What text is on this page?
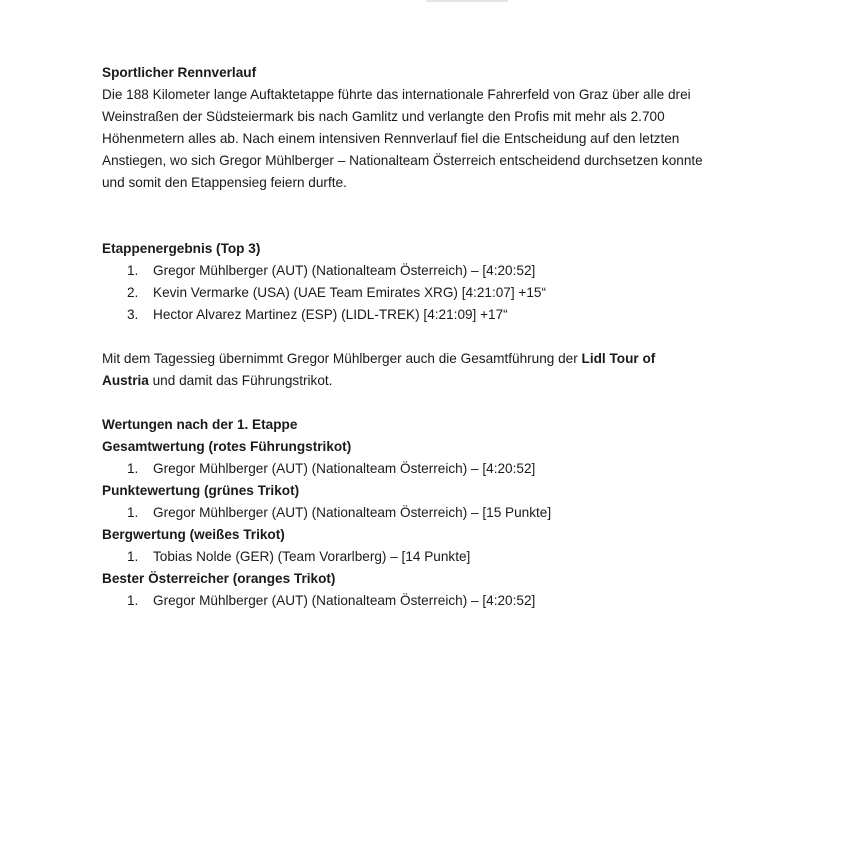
Sportlicher Rennverlauf

Die 188 Kilometer lange Auftaktetappe führte das internationale Fahrerfeld von Graz über alle drei
Weinstraßen der Südsteiermark bis nach Gamlitz und verlangte den Profis mit mehr als 2.700
Höhenmetern alles ab. Nach einem intensiven Rennverlauf fiel die Entscheidung auf den letzten
Anstiegen, wo sich Gregor Mühlberger – Nationalteam Österreich entscheidend durchsetzen konnte
und somit den Etappensieg feiern durfte.

Etappenergebnis (Top 3)

1. Gregor Mühlberger (AUT) (Nationalteam Österreich) – [4:20:52]
2. Kevin Vermarke (USA) (UAE Team Emirates XRG) [4:21:07] +15“
3. Hector Alvarez Martinez (ESP) (LIDL-TREK) [4:21:09] +17“

Mit dem Tagessieg übernimmt Gregor Mühlberger auch die Gesamtführung der Lidl Tour of
Austria und damit das Führungstrikot.

Wertungen nach der 1. Etappe

Gesamtwertung (rotes Führungstrikot)

1. Gregor Mühlberger (AUT) (Nationalteam Österreich) – [4:20:52]

Punktewertung (grünes Trikot)

1. Gregor Mühlberger (AUT) (Nationalteam Österreich) – [15 Punkte]

Bergwertung (weißes Trikot)

1. Tobias Nolde (GER) (Team Vorarlberg) – [14 Punkte]

Bester Österreicher (oranges Trikot)

1. Gregor Mühlberger (AUT) (Nationalteam Österreich) – [4:20:52]
